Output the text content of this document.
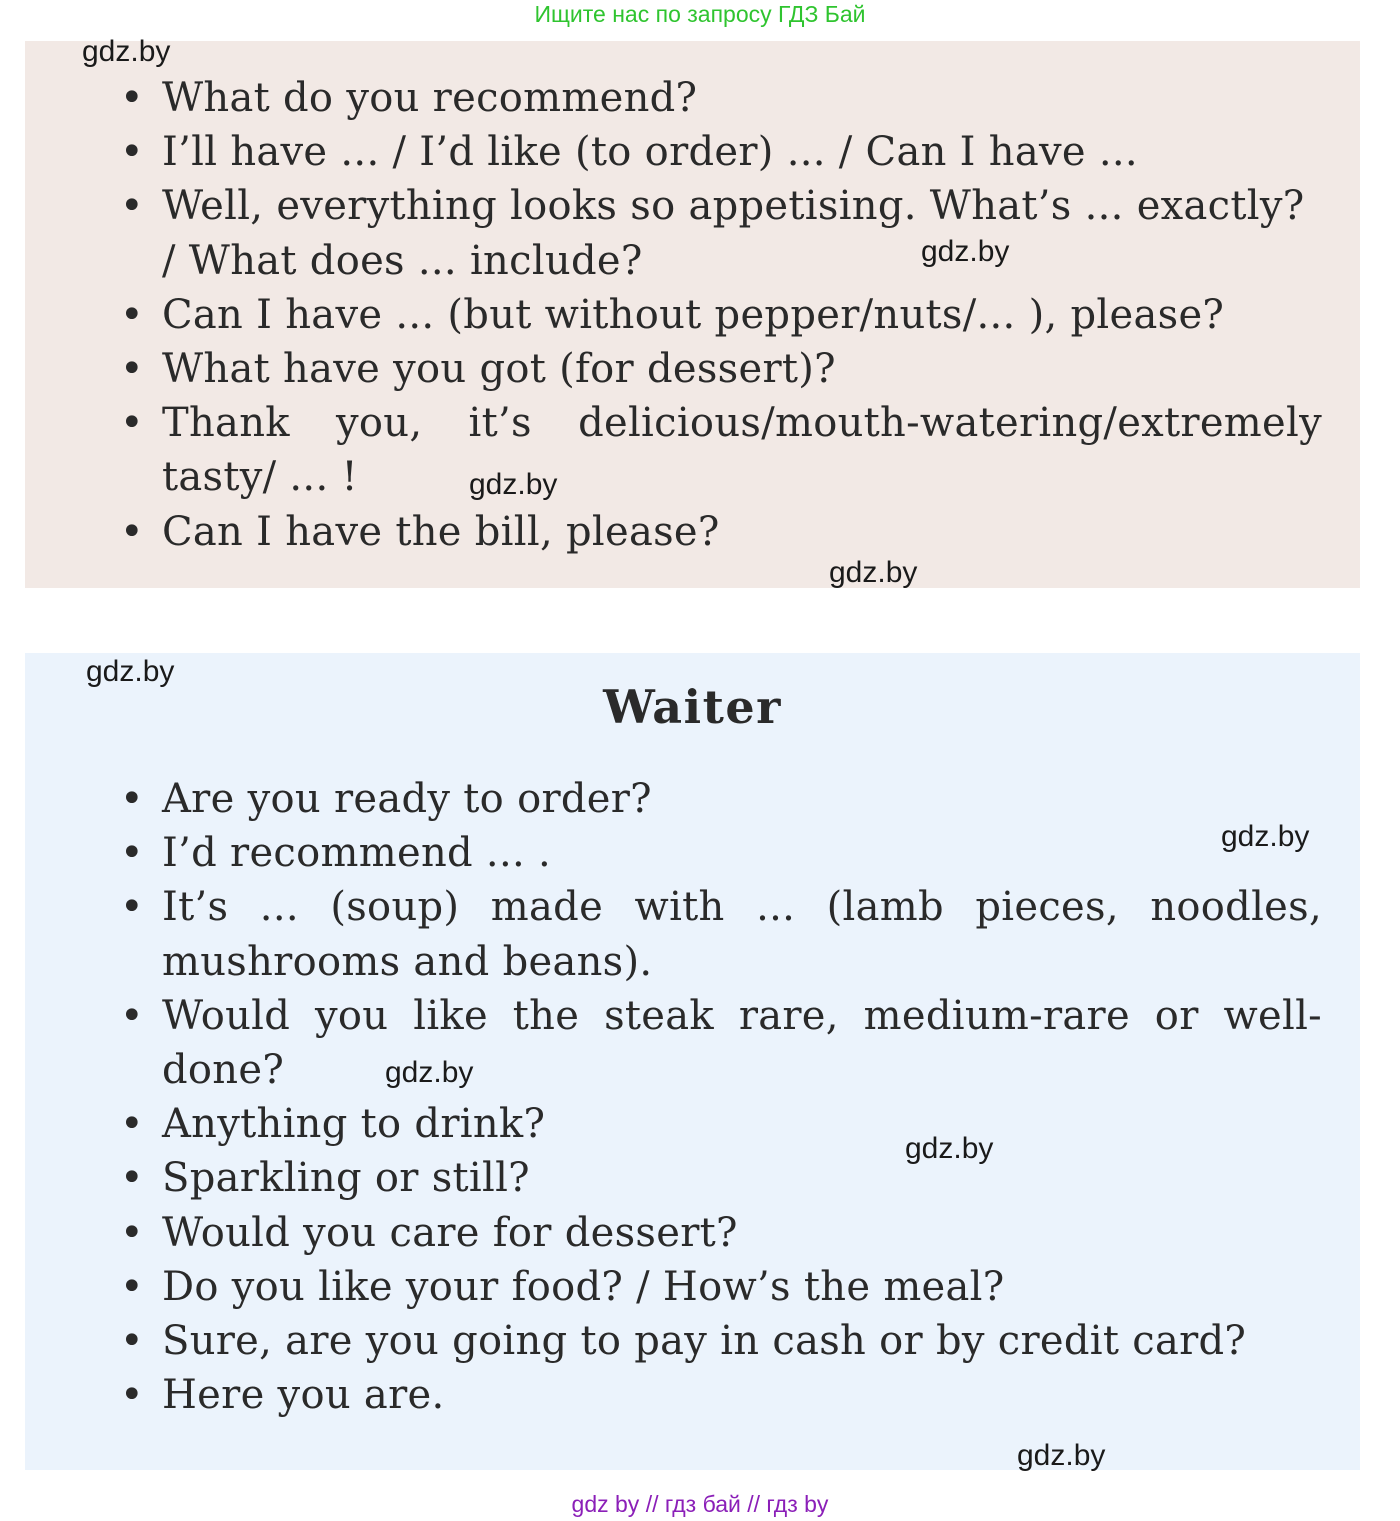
Ищите нас по запросу ГДЗ Бай
• What do you recommend?
• I’ll have ... / I’d like (to order) ... / Can I have ...
• Well, everything looks so appetising. What’s ... exactly? / What does ... include?
• Can I have ... (but without pepper/nuts/... ), please?
• What have you got (for dessert)?
• Thank you, it’s delicious/mouth-watering/extremely tasty/ ... !
• Can I have the bill, please?
Waiter
• Are you ready to order?
• I’d recommend ... .
• It’s ... (soup) made with ... (lamb pieces, noodles, mushrooms and beans).
• Would you like the steak rare, medium-rare or well-done?
• Anything to drink?
• Sparkling or still?
• Would you care for dessert?
• Do you like your food? / How’s the meal?
• Sure, are you going to pay in cash or by credit card?
• Here you are.
gdz.by
gdz.by
gdz.by
gdz.by
gdz.by
gdz.by
gdz.by
gdz.by
gdz.by
gdz by // гдз бай // гдз by
